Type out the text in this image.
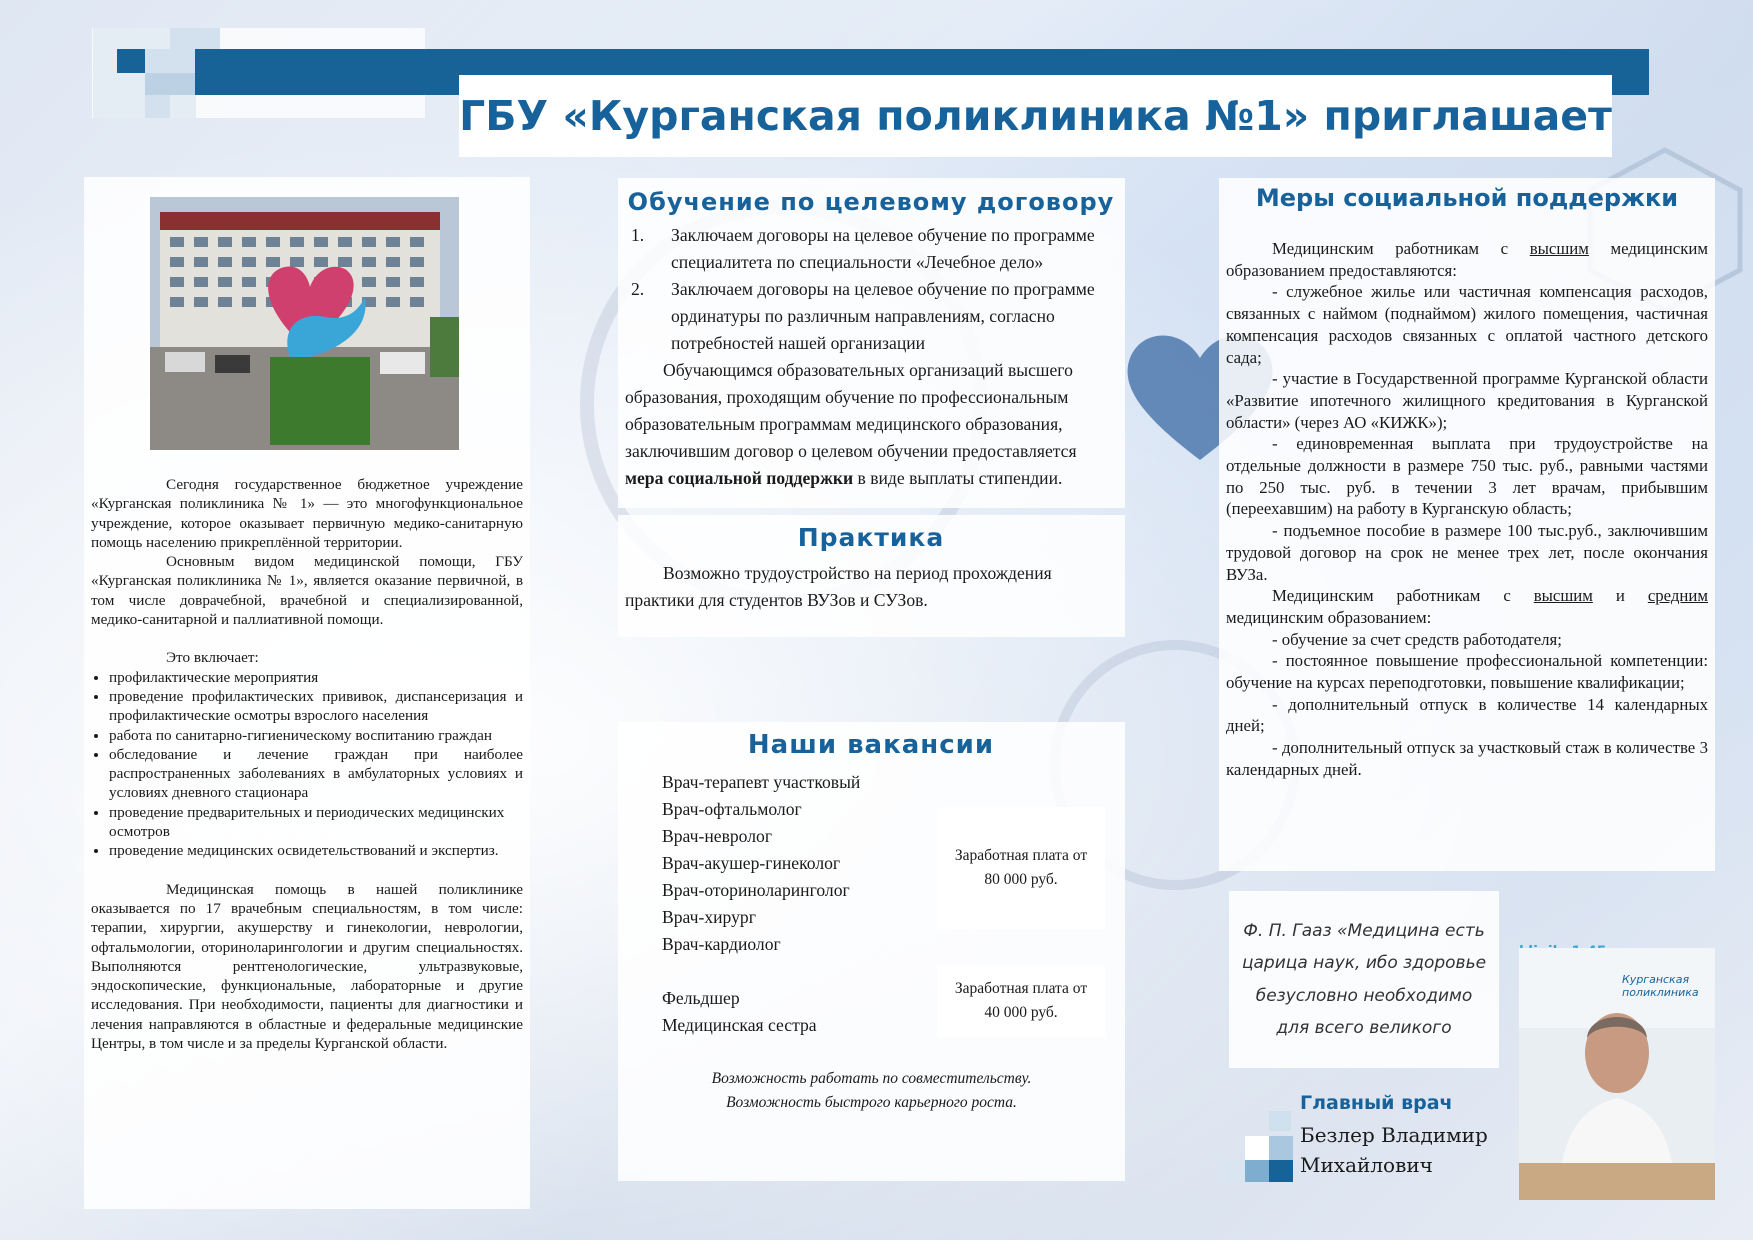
ГБУ «Курганская поликлиника №1» приглашает

Сегодня государственное бюджетное учреждение «Курганская поликлиника № 1» — это многофункциональное учреждение, которое оказывает первичную медико-санитарную помощь населению прикреплённой территории.

Основным видом медицинской помощи, ГБУ «Курганская поликлиника № 1», является оказание первичной, в том числе доврачебной, врачебной и специализированной, медико-санитарной и паллиативной помощи.

Это включает:

• профилактические мероприятия
• проведение профилактических прививок, диспансеризация и профилактические осмотры взрослого населения
• работа по санитарно-гигиеническому воспитанию граждан
• обследование и лечение граждан при наиболее распространенных заболеваниях в амбулаторных условиях и условиях дневного стационара
• проведение предварительных и периодических медицинских осмотров
• проведение медицинских освидетельствований и экспертиз.

Медицинская помощь в нашей поликлинике оказывается по 17 врачебным специальностям, в том числе: терапии, хирургии, акушерству и гинекологии, неврологии, офтальмологии, оториноларингологии и другим специальностях. Выполняются рентгенологические, ультразвуковые, эндоскопические, функциональные, лабораторные и другие исследования. При необходимости, пациенты для диагностики и лечения направляются в областные и федеральные медицинские Центры, в том числе и за пределы Курганской области.

Обучение по целевому договору
1.	Заключаем договоры на целевое обучение по программе специалитета по специальности «Лечебное дело»
2.	Заключаем договоры на целевое обучение по программе ординатуры по различным направлениям, согласно потребностей нашей организации

Обучающимся образовательных организаций высшего образования, проходящим обучение по профессиональным образовательным программам медицинского образования, заключившим договор о целевом обучении предоставляется мера социальной поддержки в виде выплаты стипендии.

Практика

Возможно трудоустройство на период прохождения практики для студентов ВУЗов и СУЗов.

Наши вакансии
Врач-терапевт участковый
Врач-офтальмолог
Врач-невролог
Врач-акушер-гинеколог
Врач-оториноларинголог
Врач-хирург
Врач-кардиолог
Заработная плата от 80 000 руб.
Фельдшер
Медицинская сестра
Заработная плата от 40 000 руб.
Возможность работать по совместительству.
Возможность быстрого карьерного роста.
Меры социальной поддержки

Медицинским работникам с высшим медицинским образованием предоставляются:

- служебное жилье или частичная компенсация расходов, связанных с наймом (поднаймом) жилого помещения, частичная компенсация расходов связанных с оплатой частного детского сада;

- участие в Государственной программе Курганской области «Развитие ипотечного жилищного кредитования в Курганской области» (через АО «КИЖК»);

- единовременная выплата при трудоустройстве на отдельные должности в размере 750 тыс. руб., равными частями по 250 тыс. руб. в течении 3 лет врачам, прибывшим (переехавшим) на работу в Курганскую область;

- подъемное пособие в размере 100 тыс.руб., заключившим трудовой договор на срок не менее трех лет, после окончания ВУЗа.

Медицинским работникам с высшим и средним медицинским образованием:

- обучение за счет средств работодателя;

- постоянное повышение профессиональной компетенции: обучение на курсах переподготовки, повышение квалификации;

- дополнительный отпуск в количестве 14 календарных дней;

- дополнительный отпуск за участковый стаж в количестве 3 календарных дней.

Ф. П. Гааз «Медицина есть царица наук, ибо здоровье безусловно необходимо для всего великого
Главный врач
Безлер Владимир
Михайлович
Курганская поликлиника
